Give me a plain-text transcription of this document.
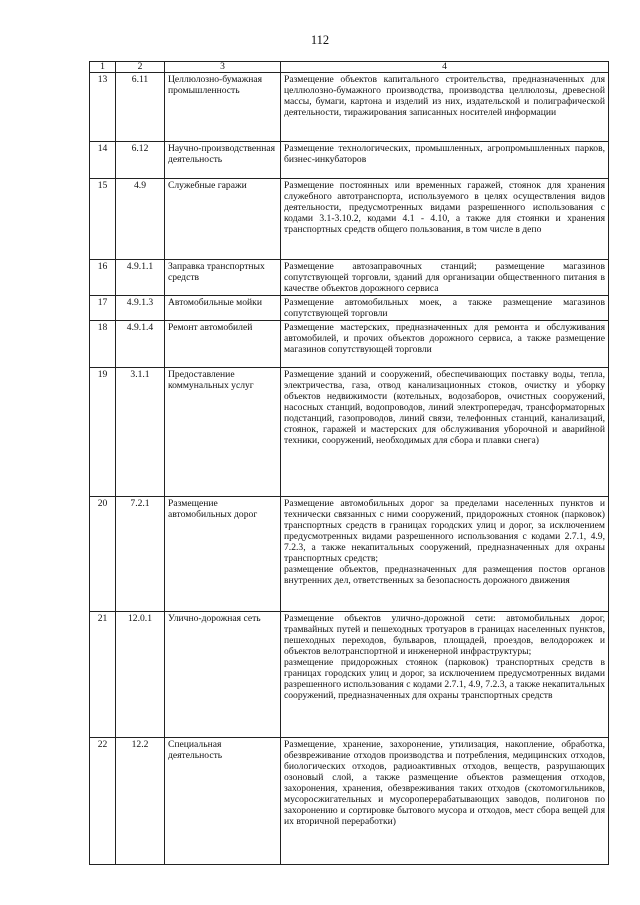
112
1	2	3	4
13	6.11	Целлюлозно-бумажная промышленность	Размещение объектов капитального строительства, предназначенных для целлюлозно-бумажного производства, производства целлюлозы, древесной массы, бумаги, картона и изделий из них, издательской и полиграфической деятельности, тиражирования записанных носителей информации

14	6.12	Научно-производственная деятельность	Размещение технологических, промышленных, агропромышленных парков, бизнес-инкубаторов

15	4.9	Служебные гаражи	Размещение постоянных или временных гаражей, стоянок для хранения служебного автотранспорта, используемого в целях осуществления видов деятельности, предусмотренных видами разрешенного использования с кодами 3.1-3.10.2, кодами 4.1 - 4.10, а также для стоянки и хранения транспортных средств общего пользования, в том числе в депо

16	4.9.1.1	Заправка транспортных средств	Размещение автозаправочных станций; размещение магазинов сопутствующей торговли, зданий для организации общественного питания в качестве объектов дорожного сервиса

17	4.9.1.3	Автомобильные мойки	Размещение автомобильных моек, а также размещение магазинов сопутствующей торговли

18	4.9.1.4	Ремонт автомобилей	Размещение мастерских, предназначенных для ремонта и обслуживания автомобилей, и прочих объектов дорожного сервиса, а также размещение магазинов сопутствующей торговли

19	3.1.1	Предоставление коммунальных услуг	Размещение зданий и сооружений, обеспечивающих поставку воды, тепла, электричества, газа, отвод канализационных стоков, очистку и уборку объектов недвижимости (котельных, водозаборов, очистных сооружений, насосных станций, водопроводов, линий электропередач, трансформаторных подстанций, газопроводов, линий связи, телефонных станций, канализаций, стоянок, гаражей и мастерских для обслуживания уборочной и аварийной техники, сооружений, необходимых для сбора и плавки снега)

20	7.2.1	Размещение автомобильных дорог	Размещение автомобильных дорог за пределами населенных пунктов и технически связанных с ними сооружений, придорожных стоянок (парковок) транспортных средств в границах городских улиц и дорог, за исключением предусмотренных видами разрешенного использования с кодами 2.7.1, 4.9, 7.2.3, а также некапитальных сооружений, предназначенных для охраны транспортных средств;
размещение объектов, предназначенных для размещения постов органов внутренних дел, ответственных за безопасность дорожного движения

21	12.0.1	Улично-дорожная сеть	Размещение объектов улично-дорожной сети: автомобильных дорог, трамвайных путей и пешеходных тротуаров в границах населенных пунктов, пешеходных переходов, бульваров, площадей, проездов, велодорожек и объектов велотранспортной и инженерной инфраструктуры;
размещение придорожных стоянок (парковок) транспортных средств в границах городских улиц и дорог, за исключением предусмотренных видами разрешенного использования с кодами 2.7.1, 4.9, 7.2.3, а также некапитальных сооружений, предназначенных для охраны транспортных средств

22	12.2	Специальная деятельность	Размещение, хранение, захоронение, утилизация, накопление, обработка, обезвреживание отходов производства и потребления, медицинских отходов, биологических отходов, радиоактивных отходов, веществ, разрушающих озоновый слой, а также размещение объектов размещения отходов, захоронения, хранения, обезвреживания таких отходов (скотомогильников, мусоросжигательных и мусороперерабатывающих заводов, полигонов по захоронению и сортировке бытового мусора и отходов, мест сбора вещей для их вторичной переработки)
